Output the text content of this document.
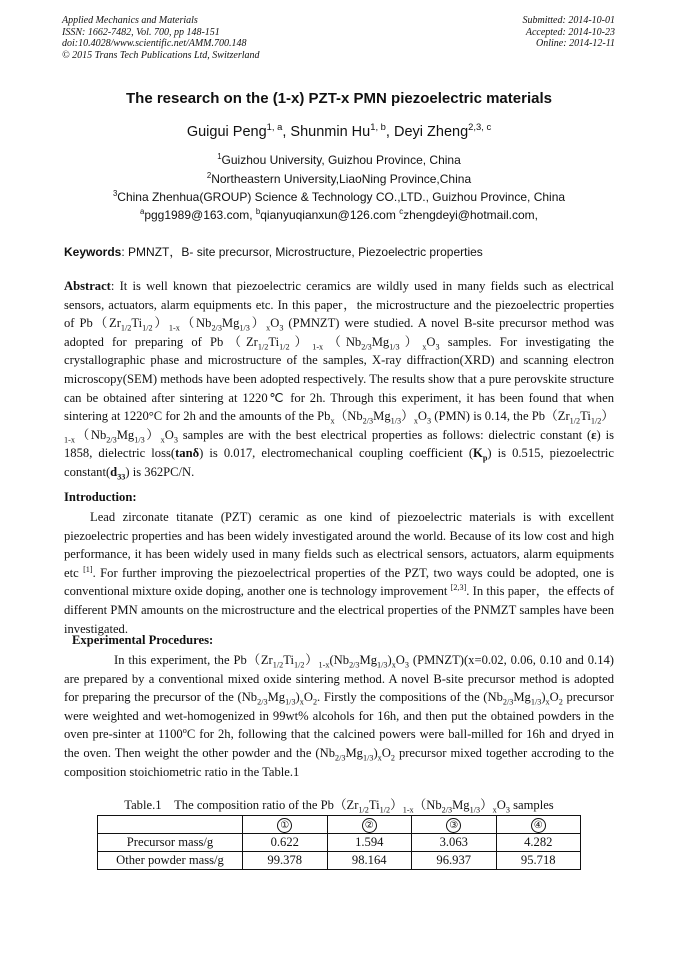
Applied Mechanics and Materials
ISSN: 1662-7482, Vol. 700, pp 148-151
doi:10.4028/www.scientific.net/AMM.700.148
© 2015 Trans Tech Publications Ltd, Switzerland
Submitted: 2014-10-01
Accepted: 2014-10-23
Online: 2014-12-11
The research on the (1-x) PZT-x PMN piezoelectric materials
Guigui Peng$^{1, a}$, Shunmin Hu$^{1, b}$, Deyi Zheng$^{2,3, c}$
$^1$Guizhou University, Guizhou Province, China
$^2$Northeastern University,LiaoNing Province,China
$^3$China Zhenhua(GROUP) Science & Technology CO.,LTD., Guizhou Province, China
$^a$pgg1989@163.com, $^b$qianyuqianxun@126.com $^c$zhengdeyi@hotmail.com,
Keywords: PMNZT，B- site precursor, Microstructure, Piezoelectric properties
Abstract: It is well known that piezoelectric ceramics are wildly used in many fields such as electrical sensors, actuators, alarm equipments etc. In this paper，the microstructure and the piezoelectric properties of $Pb(Zr_{1/2}Ti_{1/2})_{1-x}(Nb_{2/3}Mg_{1/3})_xO_3$ (PMNZT) were studied. A novel B-site precursor method was adopted for preparing of $Pb(Zr_{1/2}Ti_{1/2})_{1-x}(Nb_{2/3}Mg_{1/3})_xO_3$ samples. For investigating the crystallographic phase and microstructure of the samples, X-ray diffraction(XRD) and scanning electron microscopy(SEM) methods have been adopted respectively. The results show that a pure perovskite structure can be obtained after sintering at 1220℃ for 2h. Through this experiment, it has been found that when sintering at 1220°C for 2h and the amounts of the $Pb_x(Nb_{2/3}Mg_{1/3})_xO_3$ (PMN) is 0.14, the $Pb(Zr_{1/2}Ti_{1/2})_{1-x}(Nb_{2/3}Mg_{1/3})_xO_3$ samples are with the best electrical properties as follows: dielectric constant (ε) is 1858, dielectric loss(tanδ) is 0.017, electromechanical coupling coefficient $(K_p)$ is 0.515, piezoelectric $constant(d_{33})$ is 362PC/N.
Introduction:
Lead zirconate titanate (PZT) ceramic as one kind of piezoelectric materials is with excellent piezoelectric properties and has been widely investigated around the world. Because of its low cost and high performance, it has been widely used in many fields such as electrical sensors, actuators, alarm equipments etc [1]. For further improving the piezoelectrical properties of the PZT, two ways could be adopted, one is conventional mixture oxide doping, another one is technology improvement [2,3]. In this paper，the effects of different PMN amounts on the microstructure and the electrical properties of the PNMZT samples have been investigated.
Experimental Procedures:
In this experiment, the $Pb(Zr_{1/2}Ti_{1/2})_{1-x}(Nb_{2/3}Mg_{1/3})_xO_3$ (PMNZT)(x=0.02, 0.06, 0.10 and 0.14) are prepared by a conventional mixed oxide sintering method. A novel B-site precursor method is adopted for preparing the precursor of the $(Nb_{2/3}Mg_{1/3})_xO_2$. Firstly the compositions of the $(Nb_{2/3}Mg_{1/3})_xO_2$ precursor were weighted and wet-homogenized in 99wt% alcohols for 16h, and then put the obtained powders in the oven pre-sinter at 1100$^o$C for 2h, following that the calcined powers were ball-milled for 16h and dryed in the oven. Then weight the other powder and the $(Nb_{2/3}Mg_{1/3})_xO_2$ precursor mixed together accroding to the composition stoichiometric ratio in the Table.1
Table.1    The composition ratio of the $Pb(Zr_{1/2}Ti_{1/2})_{1-x}(Nb_{2/3}Mg_{1/3})_xO_3$ samples
	①	②	③	④
Precursor mass/g	0.622	1.594	3.063	4.282
Other powder mass/g	99.378	98.164	96.937	95.718
